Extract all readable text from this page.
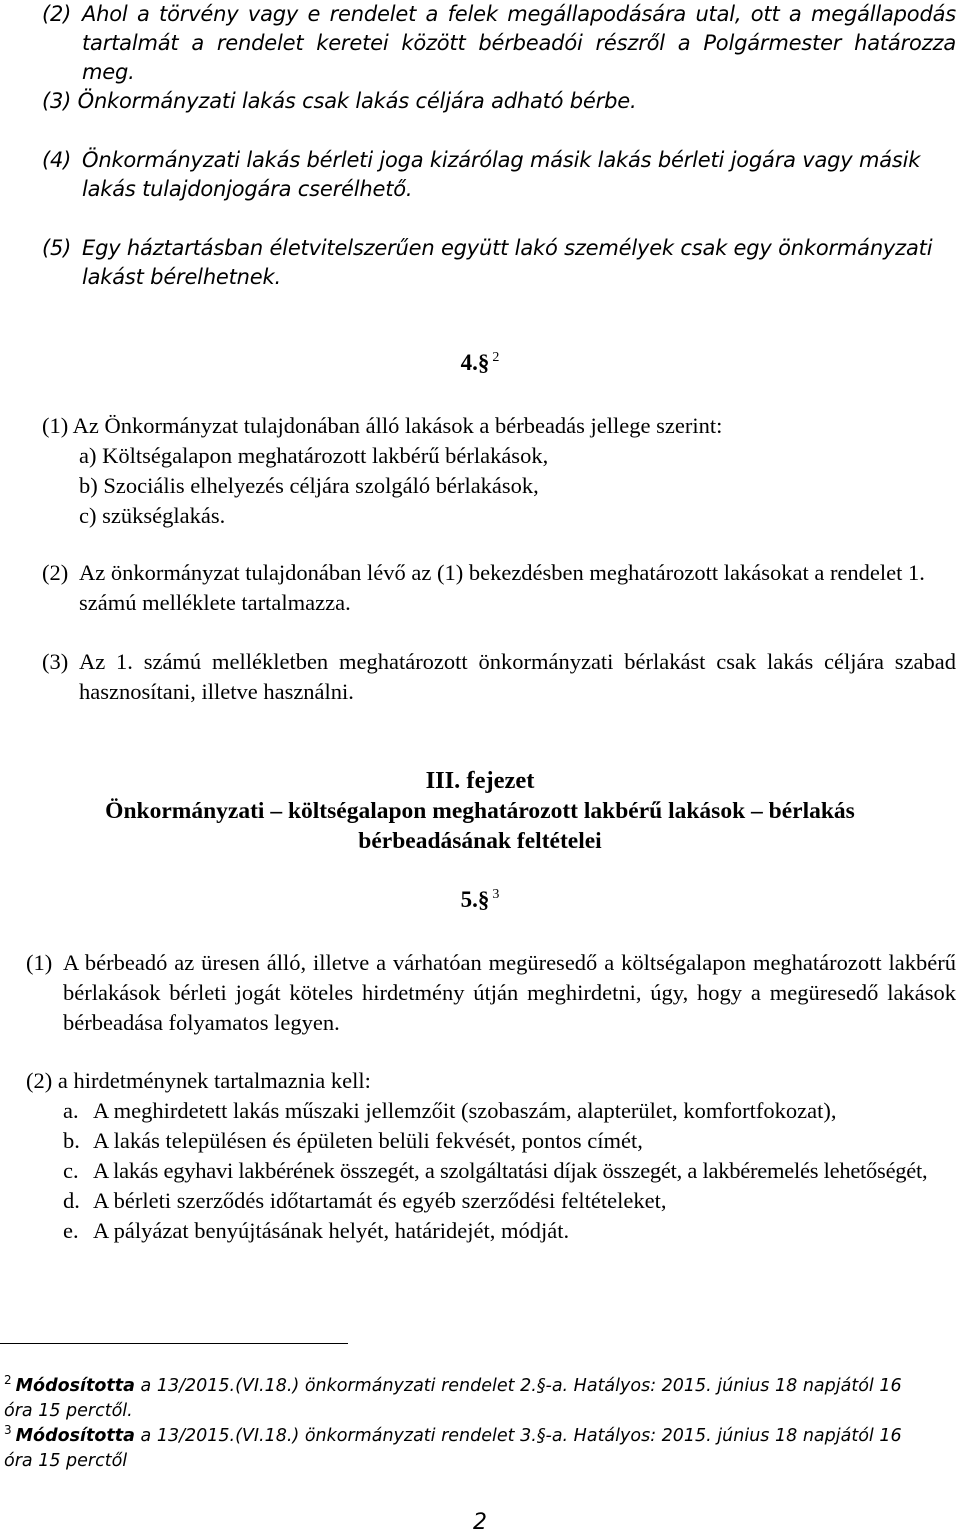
(2) Ahol a törvény vagy e rendelet a felek megállapodására utal, ott a megállapodás tartalmát a rendelet keretei között bérbeadói részről a Polgármester határozza meg.
(3) Önkormányzati lakás csak lakás céljára adható bérbe.
(4) Önkormányzati lakás bérleti joga kizárólag másik lakás bérleti jogára vagy másik lakás tulajdonjogára cserélhető.
(5) Egy háztartásban életvitelszerűen együtt lakó személyek csak egy önkormányzati lakást bérelhetnek.
4.§ $^2$
(1) Az Önkormányzat tulajdonában álló lakások a bérbeadás jellege szerint:
a) Költségalapon meghatározott lakbérű bérlakások,
b) Szociális elhelyezés céljára szolgáló bérlakások,
c) szükséglakás.
(2) Az önkormányzat tulajdonában lévő az (1) bekezdésben meghatározott lakásokat a rendelet 1. számú melléklete tartalmazza.
(3) Az 1. számú mellékletben meghatározott önkormányzati bérlakást csak lakás céljára szabad hasznosítani, illetve használni.
III. fejezet
Önkormányzati – költségalapon meghatározott lakbérű lakások – bérlakás
bérbeadásának feltételei
5.§ $^3$
(1) A bérbeadó az üresen álló, illetve a várhatóan megüresedő a költségalapon meghatározott lakbérű bérlakások bérleti jogát köteles hirdetmény útján meghirdetni, úgy, hogy a megüresedő lakások bérbeadása folyamatos legyen.
(2) a hirdetménynek tartalmaznia kell:
a. A meghirdetett lakás műszaki jellemzőit (szobaszám, alapterület, komfortfokozat),
b. A lakás településen és épületen belüli fekvését, pontos címét,
c. A lakás egyhavi lakbérének összegét, a szolgáltatási díjak összegét, a lakbéremelés lehetőségét,
d. A bérleti szerződés időtartamát és egyéb szerződési feltételeket,
e. A pályázat benyújtásának helyét, határidejét, módját.
$^2$ Módosította a 13/2015.(VI.18.) önkormányzati rendelet 2.§-a. Hatályos: 2015. június 18 napjától 16 óra 15 perctől.
$^3$ Módosította a 13/2015.(VI.18.) önkormányzati rendelet 3.§-a. Hatályos: 2015. június 18 napjától 16 óra 15 perctől
2
